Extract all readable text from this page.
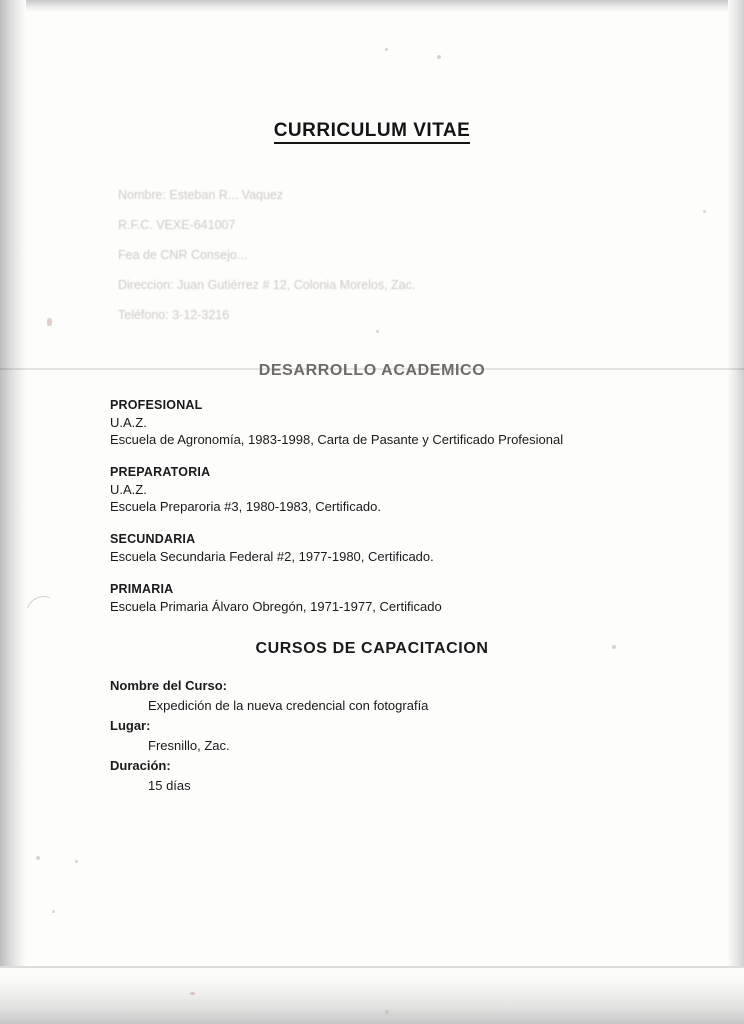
CURRICULUM VITAE
Nombre: Esteban R... Vaquez
R.F.C. VEXE-641007
Fea de CNR Consejo...
Direccion: Juan Gutiérrez # 12, Colonia Morelos, Zac.
Teléfono: 3-12-3216
DESARROLLO ACADEMICO
PROFESIONAL
U.A.Z.
Escuela de Agronomía, 1983-1998, Carta de Pasante y Certificado Profesional
PREPARATORIA
U.A.Z.
Escuela Preparoria #3, 1980-1983, Certificado.
SECUNDARIA
Escuela Secundaria Federal #2, 1977-1980, Certificado.
PRIMARIA
Escuela Primaria Álvaro Obregón, 1971-1977, Certificado
CURSOS DE CAPACITACION
Nombre del Curso:
Expedición de la nueva credencial con fotografía
Lugar:
Fresnillo, Zac.
Duración:
15 días
